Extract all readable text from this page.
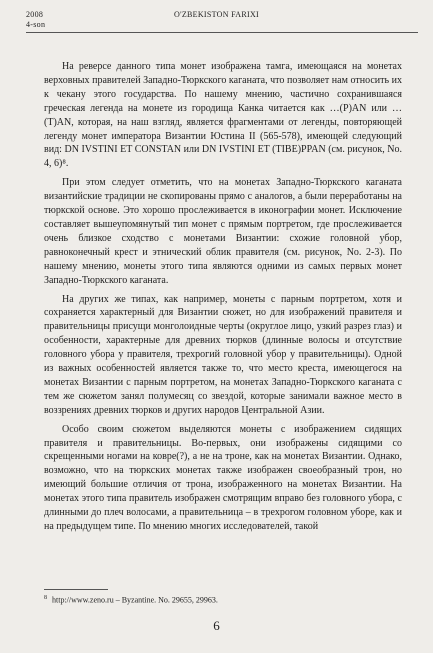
2008
4-son
O'ZBEKISTON FARIXI

На реверсе данного типа монет изображена тамга, имеющаяся на монетах верховных правителей Западно-Тюркского каганата, что позволяет нам относить их к чекану этого государства. По нашему мнению, частично сохранившаяся греческая легенда на монете из городища Канка читается как …(P)AN или …(T)AN, которая, на наш взгляд, является фрагментами от легенды, повторяющей легенду монет императора Византии Юстина II (565-578), имеющей следующий вид: DN IVSTINI ET CONSTAN или DN IVSTINI ET (TIBE)PPAN (см. рисунок, No. 4, 6)⁸.

При этом следует отметить, что на монетах Западно-Тюркского каганата византийские традиции не скопированы прямо с аналогов, а были переработаны на тюркской основе. Это хорошо прослеживается в иконографии монет. Исключение составляет вышеупомянутый тип монет с прямым портретом, где прослеживается очень близкое сходство с монетами Византии: схожие головной убор, равноконечный крест и этнический облик правителя (см. рисунок, No. 2-3). По нашему мнению, монеты этого типа являются одними из самых первых монет Западно-Тюркского каганата.

На других же типах, как например, монеты с парным портретом, хотя и сохраняется характерный для Византии сюжет, но для изображений правителя и правительницы присущи монголоидные черты (округлое лицо, узкий разрез глаз) и особенности, характерные для древних тюрков (длинные волосы и отсутствие головного убора у правителя, трехрогий головной убор у правительницы). Одной из важных особенностей является также то, что место креста, имеющегося на монетах Византии с парным портретом, на монетах Западно-Тюркского каганата с тем же сюжетом занял полумесяц со звездой, которые занимали важное место в воззрениях древних тюрков и других народов Центральной Азии.

Особо своим сюжетом выделяются монеты с изображением сидящих правителя и правительницы. Во-первых, они изображены сидящими со скрещенными ногами на ковре(?), а не на троне, как на монетах Византии. Однако, возможно, что на тюркских монетах также изображен своеобразный трон, но имеющий большие отличия от трона, изображенного на монетах Византии. На монетах этого типа правитель изображен смотрящим вправо без головного убора, с длинными до плеч волосами, а правительница – в трехрогом головном уборе, как и на предыдущем типе. По мнению многих исследователей, такой

$^8$ http://www.zeno.ru – Byzantine. No. 29655, 29963.
6
